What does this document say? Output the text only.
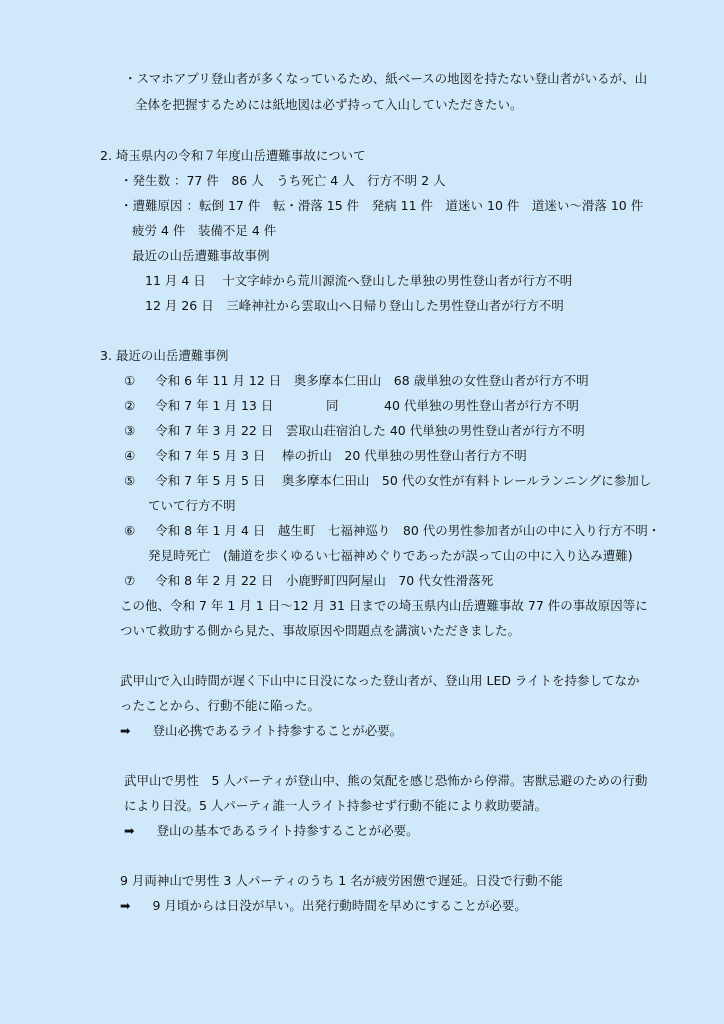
・スマホアプリ登山者が多くなっているため、紙ベースの地図を持たない登山者がいるが、山
全体を把握するためには紙地図は必ず持って入山していただきたい。
2. 埼玉県内の令和７年度山岳遭難事故について
・発生数 ：77 件　86 人　うち死亡 4 人　行方不明 2 人
・遭難原因 ：転倒 17 件　転・滑落 15 件　発病 11 件　道迷い 10 件　道迷い〜滑落 10 件
疲労 4 件　装備不足 4 件
最近の山岳遭難事故事例
11 月 4 日　 十文字峠から荒川源流へ登山した単独の男性登山者が行方不明
12 月 26 日　三峰神社から雲取山へ日帰り登山した男性登山者が行方不明
3. 最近の山岳遭難事例
① 令和 6 年 11 月 12 日　奥多摩本仁田山　68 歳単独の女性登山者が行方不明
② 令和 7 年 1 月 13 日	同	40 代単独の男性登山者が行方不明
③ 令和 7 年 3 月 22 日　雲取山荘宿泊した 40 代単独の男性登山者が行方不明
④ 令和 7 年 5 月 3 日　 棒の折山　20 代単独の男性登山者行方不明
⑤ 令和 7 年 5 月 5 日　 奥多摩本仁田山　50 代の女性が有料トレールランニングに参加し
ていて行方不明
⑥ 令和 8 年 1 月 4 日　越生町　七福神巡り　80 代の男性参加者が山の中に入り行方不明・
発見時死亡　(舗道を歩くゆるい七福神めぐりであったが誤って山の中に入り込み遭難)
⑦ 令和 8 年 2 月 22 日　小鹿野町四阿屋山　70 代女性滑落死
この他、令和 7 年 1 月 1 日〜12 月 31 日までの埼玉県内山岳遭難事故 77 件の事故原因等に
ついて救助する側から見た、事故原因や問題点を講演いただきました。
武甲山で入山時間が遅く下山中に日没になった登山者が、登山用 LED ライトを持参してなか
ったことから、行動不能に陥った。
➡ 登山必携であるライト持参することが必要。
武甲山で男性　5 人パーティが登山中、熊の気配を感じ恐怖から停滞。害獣忌避のための行動
により日没。5 人パーティ誰一人ライト持参せず行動不能により救助要請。
➡ 登山の基本であるライト持参することが必要。
9 月両神山で男性 3 人パーティのうち 1 名が疲労困憊で遅延。日没で行動不能
➡ 9 月頃からは日没が早い。出発行動時間を早めにすることが必要。
